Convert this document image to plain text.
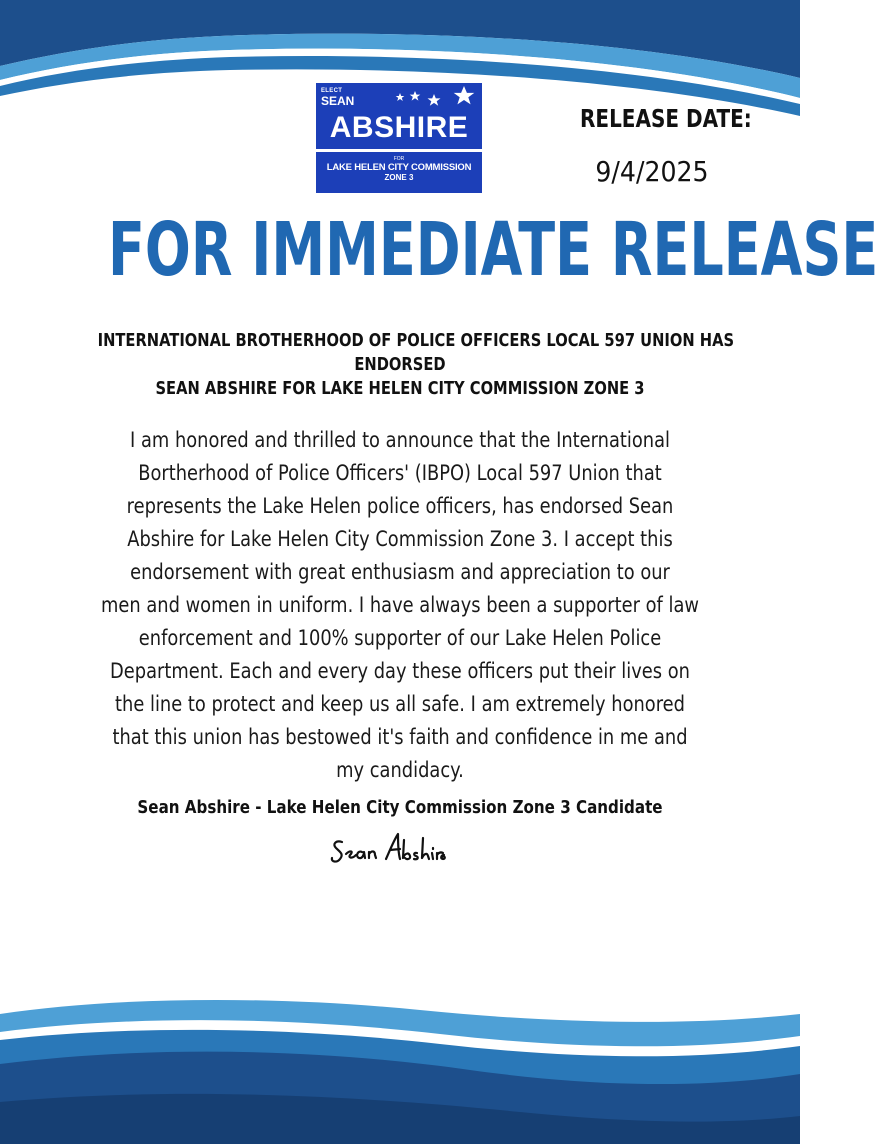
ELECT
SEAN
ABSHIRE
FOR
LAKE HELEN CITY COMMISSION
ZONE 3
RELEASE DATE:
9/4/2025
FOR IMMEDIATE RELEASE
INTERNATIONAL BROTHERHOOD OF POLICE OFFICERS LOCAL 597 UNION HAS
ENDORSED
SEAN ABSHIRE FOR LAKE HELEN CITY COMMISSION ZONE 3
I am honored and thrilled to announce that the International
Bortherhood of Police Officers' (IBPO) Local 597 Union that
represents the Lake Helen police officers, has endorsed Sean
Abshire for Lake Helen City Commission Zone 3. I accept this
endorsement with great enthusiasm and appreciation to our
men and women in uniform. I have always been a supporter of law
enforcement and 100% supporter of our Lake Helen Police
Department. Each and every day these officers put their lives on
the line to protect and keep us all safe. I am extremely honored
that this union has bestowed it's faith and confidence in me and
my candidacy.
Sean Abshire - Lake Helen City Commission Zone 3 Candidate
